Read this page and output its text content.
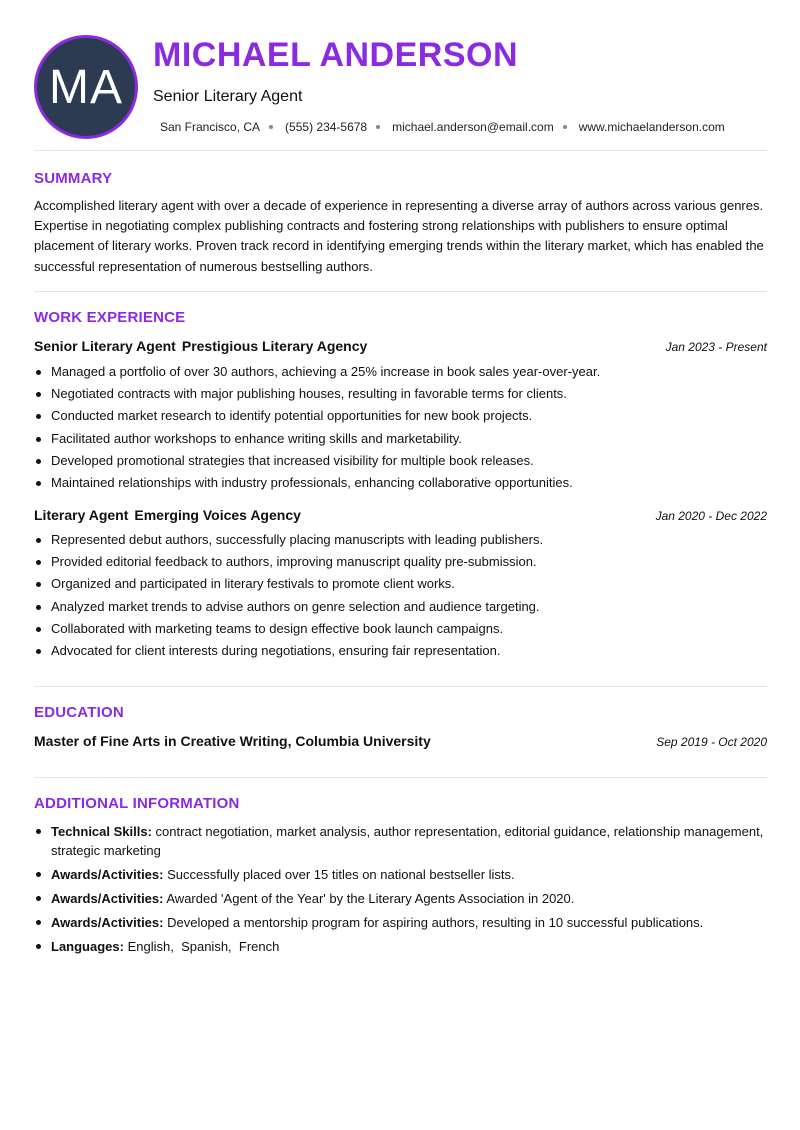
MA
MICHAEL ANDERSON
Senior Literary Agent
San Francisco, CA (555) 234-5678 michael.anderson@email.com www.michaelanderson.com
SUMMARY

Accomplished literary agent with over a decade of experience in representing a diverse array of authors across various genres. Expertise in negotiating complex publishing contracts and fostering strong relationships with publishers to ensure optimal placement of literary works. Proven track record in identifying emerging trends within the literary market, which has enabled the successful representation of numerous bestselling authors.

WORK EXPERIENCE
Senior Literary Agent Prestigious Literary Agency	Jan 2023 - Present
Managed a portfolio of over 30 authors, achieving a 25% increase in book sales year-over-year.
Negotiated contracts with major publishing houses, resulting in favorable terms for clients.
Conducted market research to identify potential opportunities for new book projects.
Facilitated author workshops to enhance writing skills and marketability.
Developed promotional strategies that increased visibility for multiple book releases.
Maintained relationships with industry professionals, enhancing collaborative opportunities.
Literary Agent Emerging Voices Agency	Jan 2020 - Dec 2022
Represented debut authors, successfully placing manuscripts with leading publishers.
Provided editorial feedback to authors, improving manuscript quality pre-submission.
Organized and participated in literary festivals to promote client works.
Analyzed market trends to advise authors on genre selection and audience targeting.
Collaborated with marketing teams to design effective book launch campaigns.
Advocated for client interests during negotiations, ensuring fair representation.
EDUCATION
Master of Fine Arts in Creative Writing, Columbia University	Sep 2019 - Oct 2020
ADDITIONAL INFORMATION
Technical Skills: contract negotiation, market analysis, author representation, editorial guidance, relationship management, strategic marketing
Awards/Activities: Successfully placed over 15 titles on national bestseller lists.
Awards/Activities: Awarded 'Agent of the Year' by the Literary Agents Association in 2020.
Awards/Activities: Developed a mentorship program for aspiring authors, resulting in 10 successful publications.
Languages: English,  Spanish,  French
